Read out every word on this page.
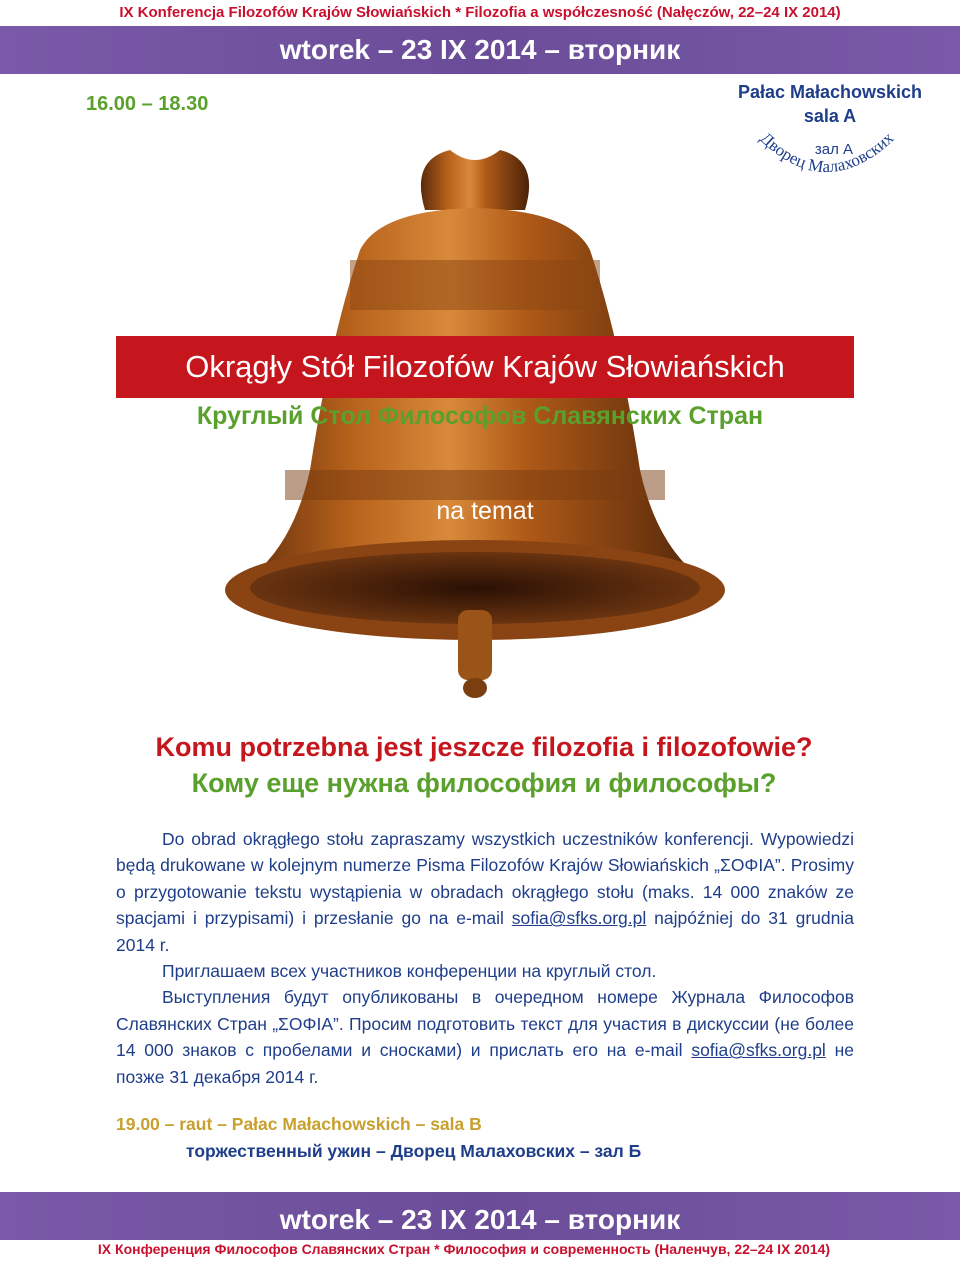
IX Konferencja Filozofów Krajów Słowiańskich * Filozofia a współczesność (Nałęczów, 22–24 IX 2014)
wtorek – 23 IX 2014 – вторник
16.00 – 18.30
Pałac Małachowskich
sala A
зал А
Дворец Малаховских
Okrągły Stół Filozofów Krajów Słowiańskich
Круглый Стол Философов Славянских Стран
na temat
Komu potrzebna jest jeszcze filozofia i filozofowie?
Кому еще нужна философия и философы?

Do obrad okrągłego stołu zapraszamy wszystkich uczestników konferencji. Wypowiedzi będą drukowane w kolejnym numerze Pisma Filozofów Krajów Słowiańskich „ΣΟΦΙΑ”. Prosimy o przygotowanie tekstu wystąpienia w obradach okrągłego stołu (maks. 14 000 znaków ze spacjami i przypisami) i przesłanie go na e-mail sofia@sfks.org.pl najpóźniej do 31 grudnia 2014 r.

Приглашаем всех участников конференции на круглый стол.

Выступления будут опубликованы в очередном номере Журнала Философов Славянских Стран „ΣΟΦΙΑ”. Просим подготовить текст для участия в дискуссии (не более 14 000 знаков с пробелами и сносками) и прислать его на e-mail sofia@sfks.org.pl не позже 31 декабря 2014 г.

19.00 – raut – Pałac Małachowskich – sala B
торжественный ужин – Дворец Малаховских – зал Б
wtorek – 23 IX 2014 – вторник
IX Конференция Философов Славянских Стран * Философия и современность (Наленчув, 22–24 IX 2014)
